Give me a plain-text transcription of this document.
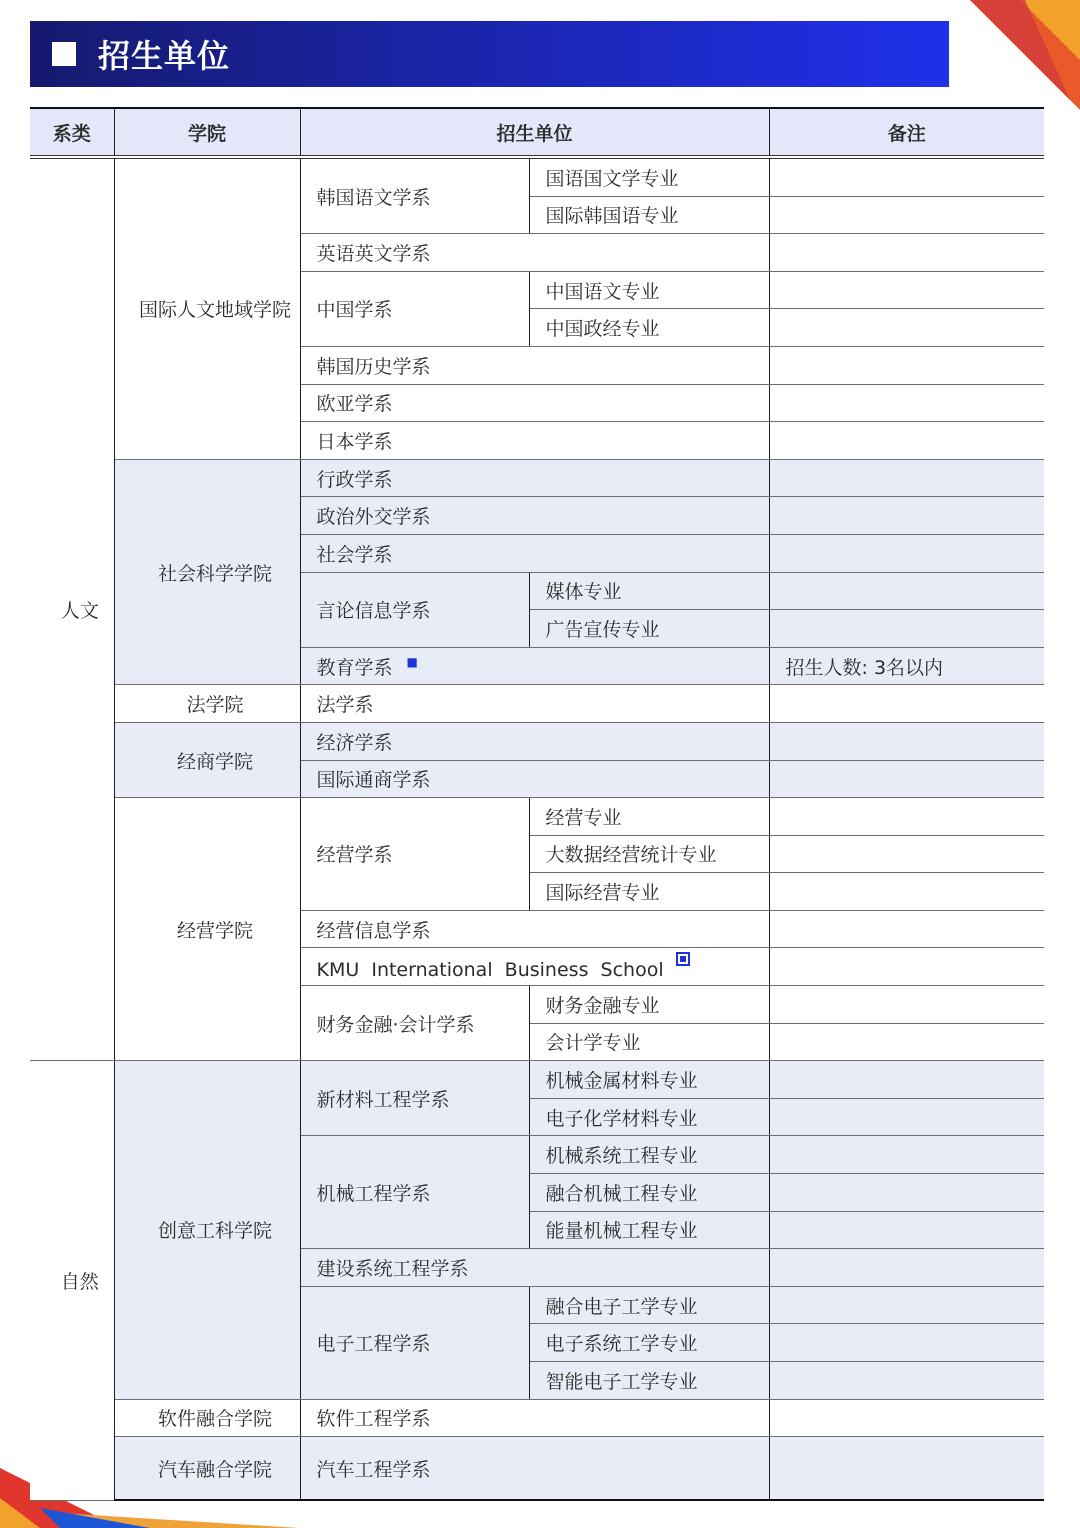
招生单位
系类	学院	招生单位		备注
人文	国际人文地域学院	韩国语文学系	国语国文学专业	
			国际韩国语专业	
		英语英文学系		
		中国学系	中国语文专业	
			中国政经专业	
		韩国历史学系		
		欧亚学系		
		日本学系		
	社会科学学院	行政学系		
		政治外交学系		
		社会学系		
		言论信息学系	媒体专业	
			广告宣传专业	
		教育学系 ■		招生人数: 3名以内
	法学院	法学系		
	经商学院	经济学系		
		国际通商学系		
	经营学院	经营学系	经营专业	
			大数据经营统计专业	
			国际经营专业	
		经营信息学系		
		KMU  International  Business  School		
		财务金融·会计学系	财务金融专业	
			会计学专业	
自然	创意工科学院	新材料工程学系	机械金属材料专业	
			电子化学材料专业	
		机械工程学系	机械系统工程专业	
			融合机械工程专业	
			能量机械工程专业	
		建设系统工程学系		
		电子工程学系	融合电子工学专业	
			电子系统工学专业	
			智能电子工学专业	
	软件融合学院	软件工程学系		
	汽车融合学院	汽车工程学系		
